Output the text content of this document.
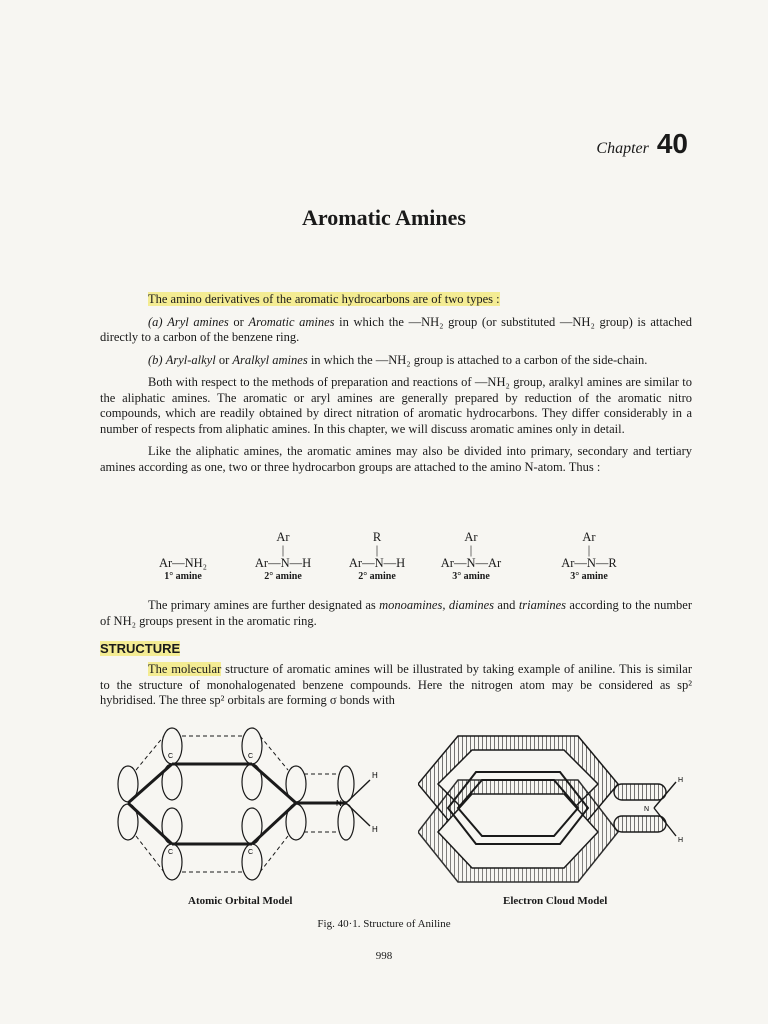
Chapter 40
Aromatic Amines

The amino derivatives of the aromatic hydrocarbons are of two types :

(a) Aryl amines or Aromatic amines in which the —NH₂ group (or substituted —NH₂ group) is attached directly to a carbon of the benzene ring.

(b) Aryl-alkyl or Aralkyl amines in which the —NH₂ group is attached to a carbon of the side-chain.

Both with respect to the methods of preparation and reactions of —NH₂ group, aralkyl amines are similar to the aliphatic amines. The aromatic or aryl amines are generally prepared by reduction of the aromatic nitro compounds, which are readily obtained by direct nitration of aromatic hydrocarbons. They differ considerably in a number of respects from aliphatic amines. In this chapter, we will discuss aromatic amines only in detail.

Like the aliphatic amines, the aromatic amines may also be divided into primary, secondary and tertiary amines according as one, two or three hydrocarbon groups are attached to the amino N-atom. Thus :

Ar—NH₂
1° amine
Ar
|
Ar—N—H
2° amine
R
|
Ar—N—H
2° amine
Ar
|
Ar—N—Ar
3° amine
Ar
|
Ar—N—R
3° amine

The primary amines are further designated as monoamines, diamines and triamines according to the number of NH₂ groups present in the aromatic ring.

STRUCTURE

The molecular structure of aromatic amines will be illustrated by taking example of aniline. This is similar to the structure of monohalogenated benzene compounds. Here the nitrogen atom may be considered as sp² hybridised. The three sp² orbitals are forming σ bonds with

N
H
H
C	C
C	C
N
H
H
Atomic Orbital Model	Electron Cloud Model
Fig. 40·1. Structure of Aniline
998
